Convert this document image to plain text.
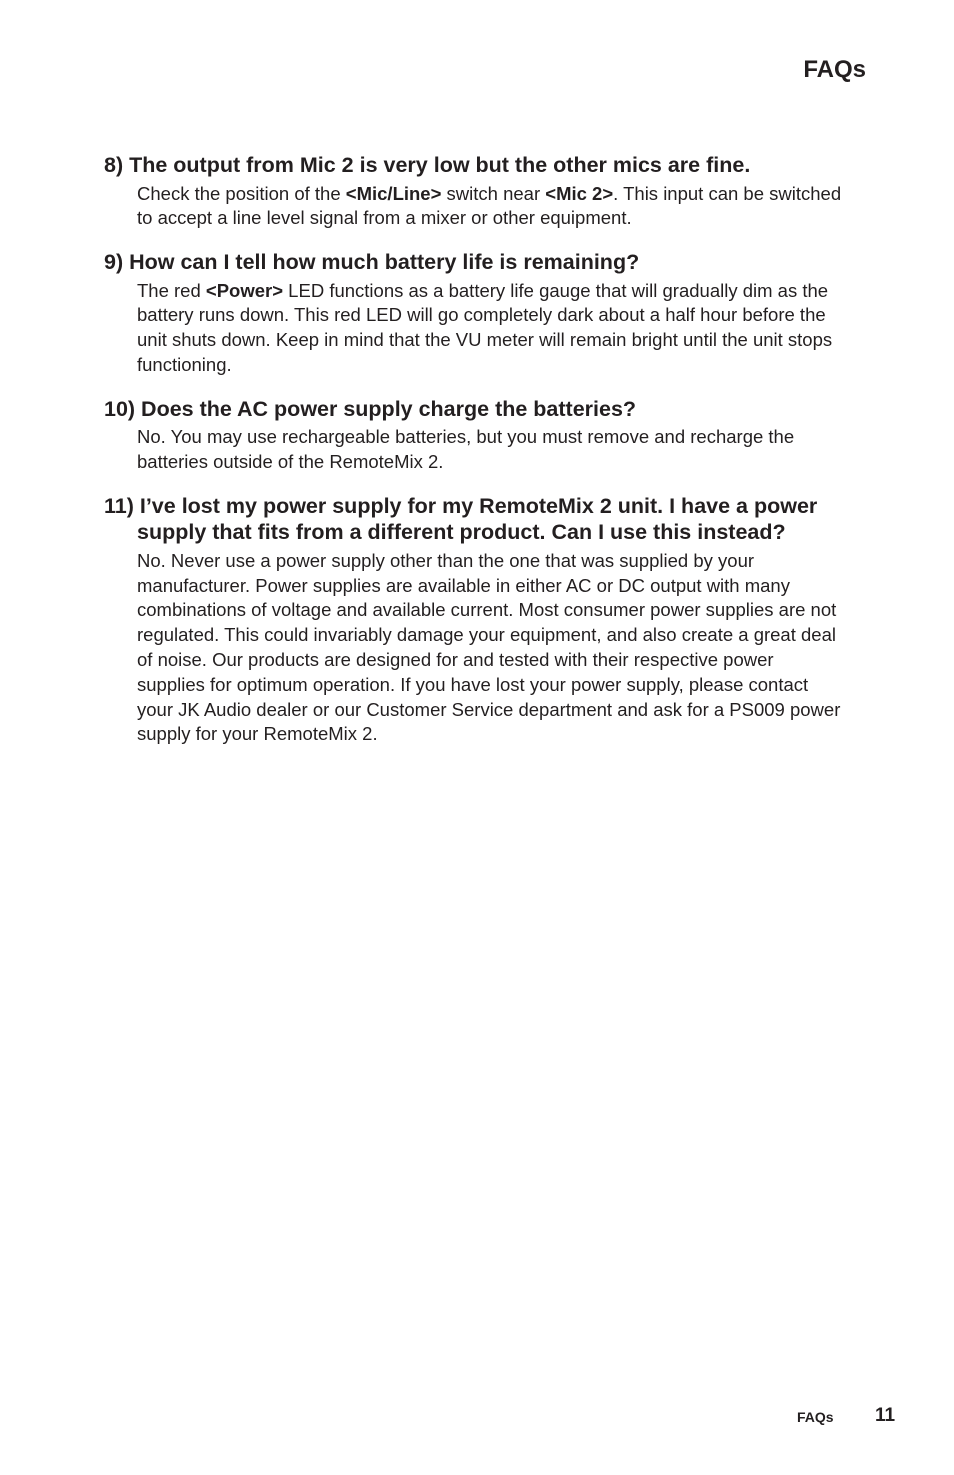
FAQs

8) The output from Mic 2 is very low but the other mics are fine.

Check the position of the <Mic/Line> switch near <Mic 2>. This input can be switched to accept a line level signal from a mixer or other equipment.

9) How can I tell how much battery life is remaining?

The red <Power> LED functions as a battery life gauge that will gradually dim as the battery runs down. This red LED will go completely dark about a half hour before the unit shuts down. Keep in mind that the VU meter will remain bright until the unit stops functioning.

10) Does the AC power supply charge the batteries?

No. You may use rechargeable batteries, but you must remove and recharge the batteries outside of the RemoteMix 2.

11) I’ve lost my power supply for my RemoteMix 2 unit. I have a power supply that fits from a different product. Can I use this instead?

No. Never use a power supply other than the one that was supplied by your manufacturer. Power supplies are available in either AC or DC output with many combinations of voltage and available current. Most consumer power supplies are not regulated. This could invariably damage your equipment, and also create a great deal of noise. Our products are designed for and tested with their respective power supplies for optimum operation. If you have lost your power supply, please contact your JK Audio dealer or our Customer Service department and ask for a PS009 power supply for your RemoteMix 2.

FAQs 11
